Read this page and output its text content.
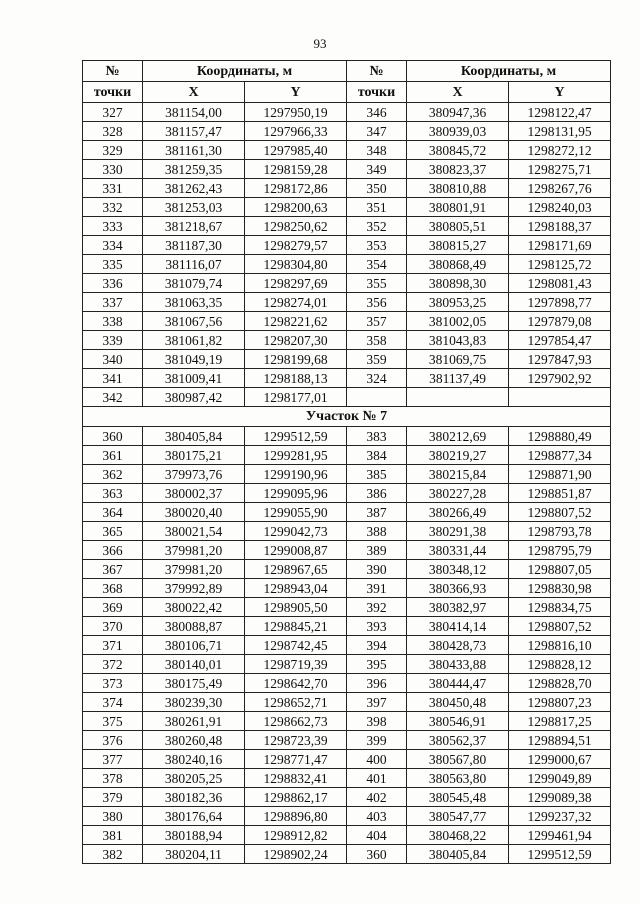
93
№	Координаты, м		№	Координаты, м	
точки	X	Y	точки	X	Y
327	381154,00	1297950,19	346	380947,36	1298122,47
328	381157,47	1297966,33	347	380939,03	1298131,95
329	381161,30	1297985,40	348	380845,72	1298272,12
330	381259,35	1298159,28	349	380823,37	1298275,71
331	381262,43	1298172,86	350	380810,88	1298267,76
332	381253,03	1298200,63	351	380801,91	1298240,03
333	381218,67	1298250,62	352	380805,51	1298188,37
334	381187,30	1298279,57	353	380815,27	1298171,69
335	381116,07	1298304,80	354	380868,49	1298125,72
336	381079,74	1298297,69	355	380898,30	1298081,43
337	381063,35	1298274,01	356	380953,25	1297898,77
338	381067,56	1298221,62	357	381002,05	1297879,08
339	381061,82	1298207,30	358	381043,83	1297854,47
340	381049,19	1298199,68	359	381069,75	1297847,93
341	381009,41	1298188,13	324	381137,49	1297902,92
342	380987,42	1298177,01			
Участок № 7					
360	380405,84	1299512,59	383	380212,69	1298880,49
361	380175,21	1299281,95	384	380219,27	1298877,34
362	379973,76	1299190,96	385	380215,84	1298871,90
363	380002,37	1299095,96	386	380227,28	1298851,87
364	380020,40	1299055,90	387	380266,49	1298807,52
365	380021,54	1299042,73	388	380291,38	1298793,78
366	379981,20	1299008,87	389	380331,44	1298795,79
367	379981,20	1298967,65	390	380348,12	1298807,05
368	379992,89	1298943,04	391	380366,93	1298830,98
369	380022,42	1298905,50	392	380382,97	1298834,75
370	380088,87	1298845,21	393	380414,14	1298807,52
371	380106,71	1298742,45	394	380428,73	1298816,10
372	380140,01	1298719,39	395	380433,88	1298828,12
373	380175,49	1298642,70	396	380444,47	1298828,70
374	380239,30	1298652,71	397	380450,48	1298807,23
375	380261,91	1298662,73	398	380546,91	1298817,25
376	380260,48	1298723,39	399	380562,37	1298894,51
377	380240,16	1298771,47	400	380567,80	1299000,67
378	380205,25	1298832,41	401	380563,80	1299049,89
379	380182,36	1298862,17	402	380545,48	1299089,38
380	380176,64	1298896,80	403	380547,77	1299237,32
381	380188,94	1298912,82	404	380468,22	1299461,94
382	380204,11	1298902,24	360	380405,84	1299512,59
